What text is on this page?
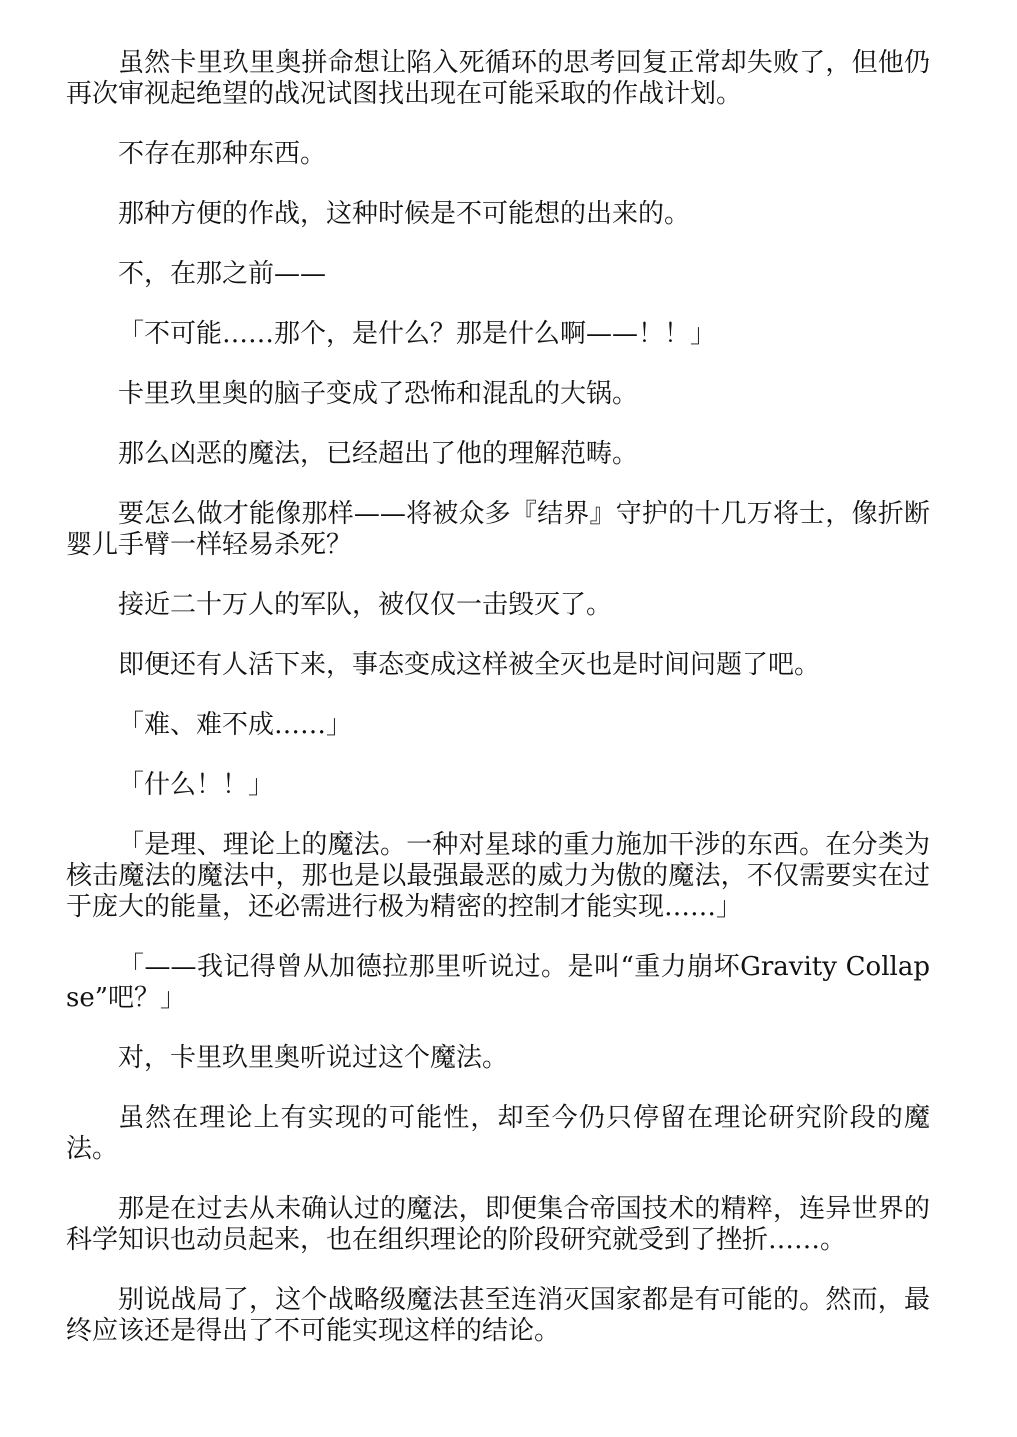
虽然卡里玖里奥拼命想让陷入死循环的思考回复正常却失败了，但他仍再次审视起绝望的战况试图找出现在可能采取的作战计划。

不存在那种东西。

那种方便的作战，这种时候是不可能想的出来的。

不，在那之前——

「不可能……那个，是什么？那是什么啊——！！」

卡里玖里奥的脑子变成了恐怖和混乱的大锅。

那么凶恶的魔法，已经超出了他的理解范畴。

要怎么做才能像那样——将被众多『结界』守护的十几万将士，像折断婴儿手臂一样轻易杀死？

接近二十万人的军队，被仅仅一击毁灭了。

即便还有人活下来，事态变成这样被全灭也是时间问题了吧。

「难、难不成……」

「什么！！」

「是理、理论上的魔法。一种对星球的重力施加干涉的东西。在分类为核击魔法的魔法中，那也是以最强最恶的威力为傲的魔法，不仅需要实在过于庞大的能量，还必需进行极为精密的控制才能实现……」

「——我记得曾从加德拉那里听说过。是叫“重力崩坏Gravity Collapse”吧？」

对，卡里玖里奥听说过这个魔法。

虽然在理论上有实现的可能性，却至今仍只停留在理论研究阶段的魔法。

那是在过去从未确认过的魔法，即便集合帝国技术的精粹，连异世界的科学知识也动员起来，也在组织理论的阶段研究就受到了挫折……。

别说战局了，这个战略级魔法甚至连消灭国家都是有可能的。然而，最终应该还是得出了不可能实现这样的结论。
